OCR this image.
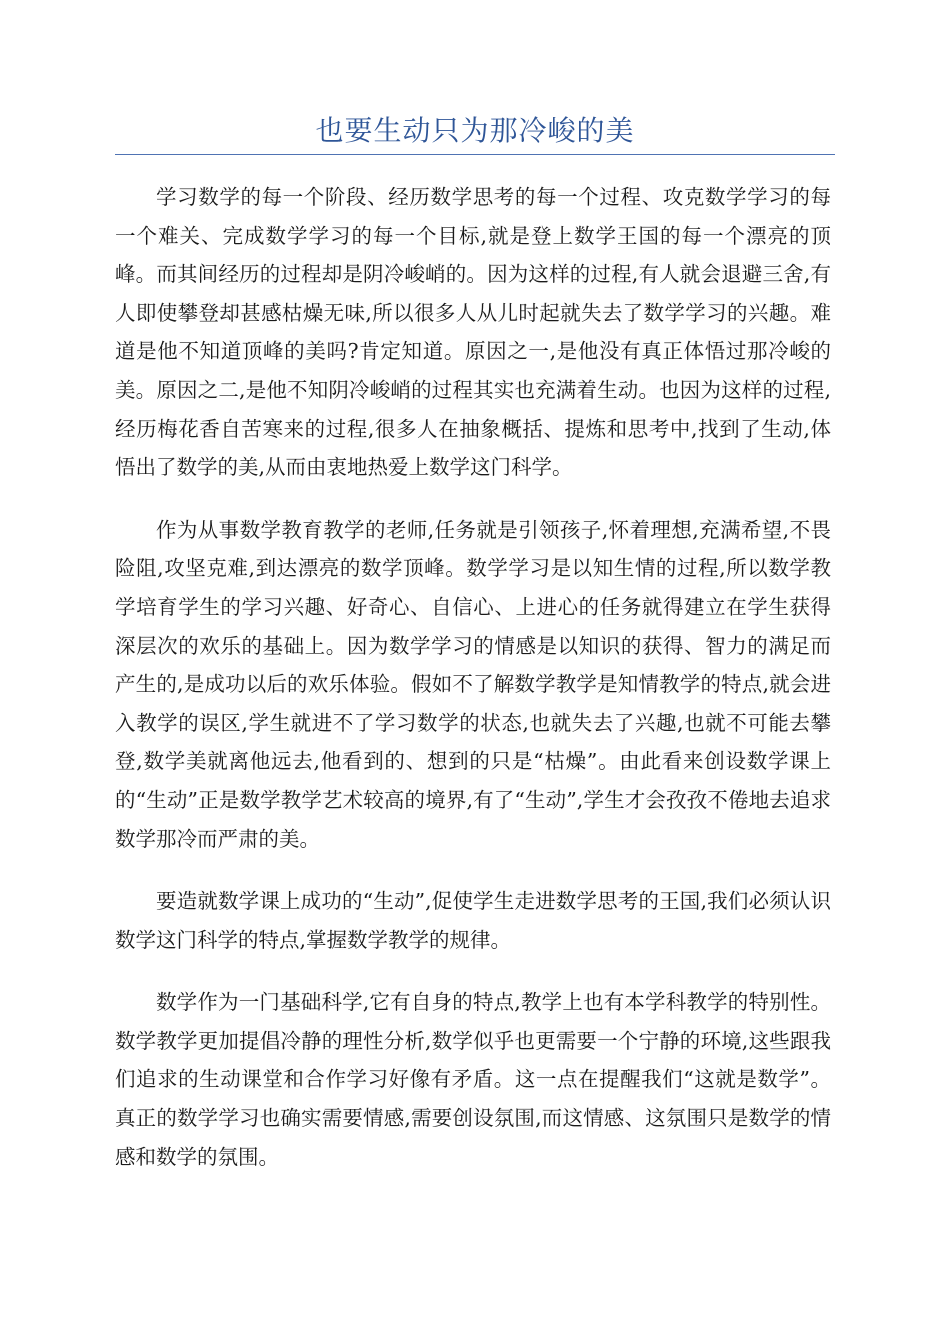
也要生动只为那冷峻的美

学习数学的每一个阶段、经历数学思考的每一个过程、攻克数学学习的每一个难关、完成数学学习的每一个目标,就是登上数学王国的每一个漂亮的顶峰。而其间经历的过程却是阴冷峻峭的。因为这样的过程,有人就会退避三舍,有人即使攀登却甚感枯燥无味,所以很多人从儿时起就失去了数学学习的兴趣。难道是他不知道顶峰的美吗?肯定知道。原因之一,是他没有真正体悟过那冷峻的美。原因之二,是他不知阴冷峻峭的过程其实也充满着生动。也因为这样的过程,经历梅花香自苦寒来的过程,很多人在抽象概括、提炼和思考中,找到了生动,体悟出了数学的美,从而由衷地热爱上数学这门科学。

作为从事数学教育教学的老师,任务就是引领孩子,怀着理想,充满希望,不畏险阻,攻坚克难,到达漂亮的数学顶峰。数学学习是以知生情的过程,所以数学教学培育学生的学习兴趣、好奇心、自信心、上进心的任务就得建立在学生获得深层次的欢乐的基础上。因为数学学习的情感是以知识的获得、智力的满足而产生的,是成功以后的欢乐体验。假如不了解数学教学是知情教学的特点,就会进入教学的误区,学生就进不了学习数学的状态,也就失去了兴趣,也就不可能去攀登,数学美就离他远去,他看到的、想到的只是“枯燥”。由此看来创设数学课上的“生动”正是数学教学艺术较高的境界,有了“生动”,学生才会孜孜不倦地去追求数学那冷而严肃的美。

要造就数学课上成功的“生动”,促使学生走进数学思考的王国,我们必须认识数学这门科学的特点,掌握数学教学的规律。

数学作为一门基础科学,它有自身的特点,教学上也有本学科教学的特别性。数学教学更加提倡冷静的理性分析,数学似乎也更需要一个宁静的环境,这些跟我们追求的生动课堂和合作学习好像有矛盾。这一点在提醒我们“这就是数学”。真正的数学学习也确实需要情感,需要创设氛围,而这情感、这氛围只是数学的情感和数学的氛围。
